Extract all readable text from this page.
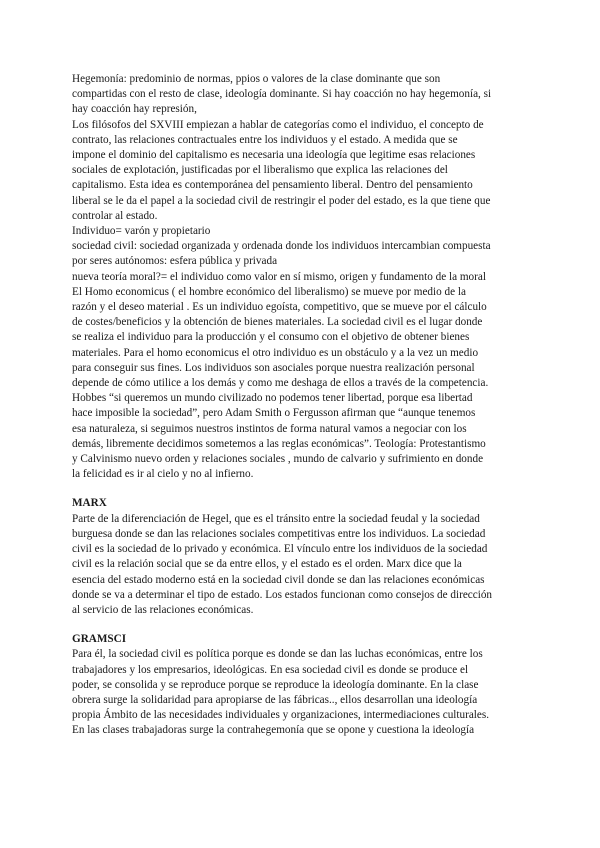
Hegemonía: predominio de normas, ppios o valores de la clase dominante que son
compartidas con el resto de clase, ideología dominante. Si hay coacción no hay hegemonía, si
hay coacción hay represión,
Los filósofos del SXVIII empiezan a hablar de categorías como el individuo, el concepto de
contrato, las relaciones contractuales entre los individuos y el estado. A medida que se
impone el dominio del capitalismo es necesaria una ideología que legitime esas relaciones
sociales de explotación, justificadas por el liberalismo que explica las relaciones del
capitalismo. Esta idea es contemporánea del pensamiento liberal. Dentro del pensamiento
liberal se le da el papel a la sociedad civil de restringir el poder del estado, es la que tiene que
controlar al estado.
Individuo= varón y propietario
sociedad civil: sociedad organizada y ordenada donde los individuos intercambian compuesta
por seres autónomos: esfera pública y privada
nueva teoría moral?= el individuo como valor en sí mismo, origen y fundamento de la moral
El Homo economicus ( el hombre económico del liberalismo) se mueve por medio de la
razón y el deseo material . Es un individuo egoísta, competitivo, que se mueve por el cálculo
de costes/beneficios y la obtención de bienes materiales. La sociedad civil es el lugar donde
se realiza el individuo para la producción y el consumo con el objetivo de obtener bienes
materiales. Para el homo economicus el otro individuo es un obstáculo y a la vez un medio
para conseguir sus fines. Los individuos son asociales porque nuestra realización personal
depende de cómo utilice a los demás y como me deshaga de ellos a través de la competencia.
Hobbes “si queremos un mundo civilizado no podemos tener libertad, porque esa libertad
hace imposible la sociedad”, pero Adam Smith o Fergusson afirman que “aunque tenemos
esa naturaleza, si seguimos nuestros instintos de forma natural vamos a negociar con los
demás, libremente decidimos sometemos a las reglas económicas”. Teología: Protestantismo
y Calvinismo nuevo orden y relaciones sociales , mundo de calvario y sufrimiento en donde
la felicidad es ir al cielo y no al infierno.
MARX
Parte de la diferenciación de Hegel, que es el tránsito entre la sociedad feudal y la sociedad
burguesa donde se dan las relaciones sociales competitivas entre los individuos. La sociedad
civil es la sociedad de lo privado y económica. El vínculo entre los individuos de la sociedad
civil es la relación social que se da entre ellos, y el estado es el orden. Marx dice que la
esencia del estado moderno está en la sociedad civil donde se dan las relaciones económicas
donde se va a determinar el tipo de estado. Los estados funcionan como consejos de dirección
al servicio de las relaciones económicas.
GRAMSCI
Para él, la sociedad civil es política porque es donde se dan las luchas económicas, entre los
trabajadores y los empresarios, ideológicas. En esa sociedad civil es donde se produce el
poder, se consolida y se reproduce porque se reproduce la ideología dominante. En la clase
obrera surge la solidaridad para apropiarse de las fábricas.., ellos desarrollan una ideología
propia Ámbito de las necesidades individuales y organizaciones, intermediaciones culturales.
En las clases trabajadoras surge la contrahegemonía que se opone y cuestiona la ideología
